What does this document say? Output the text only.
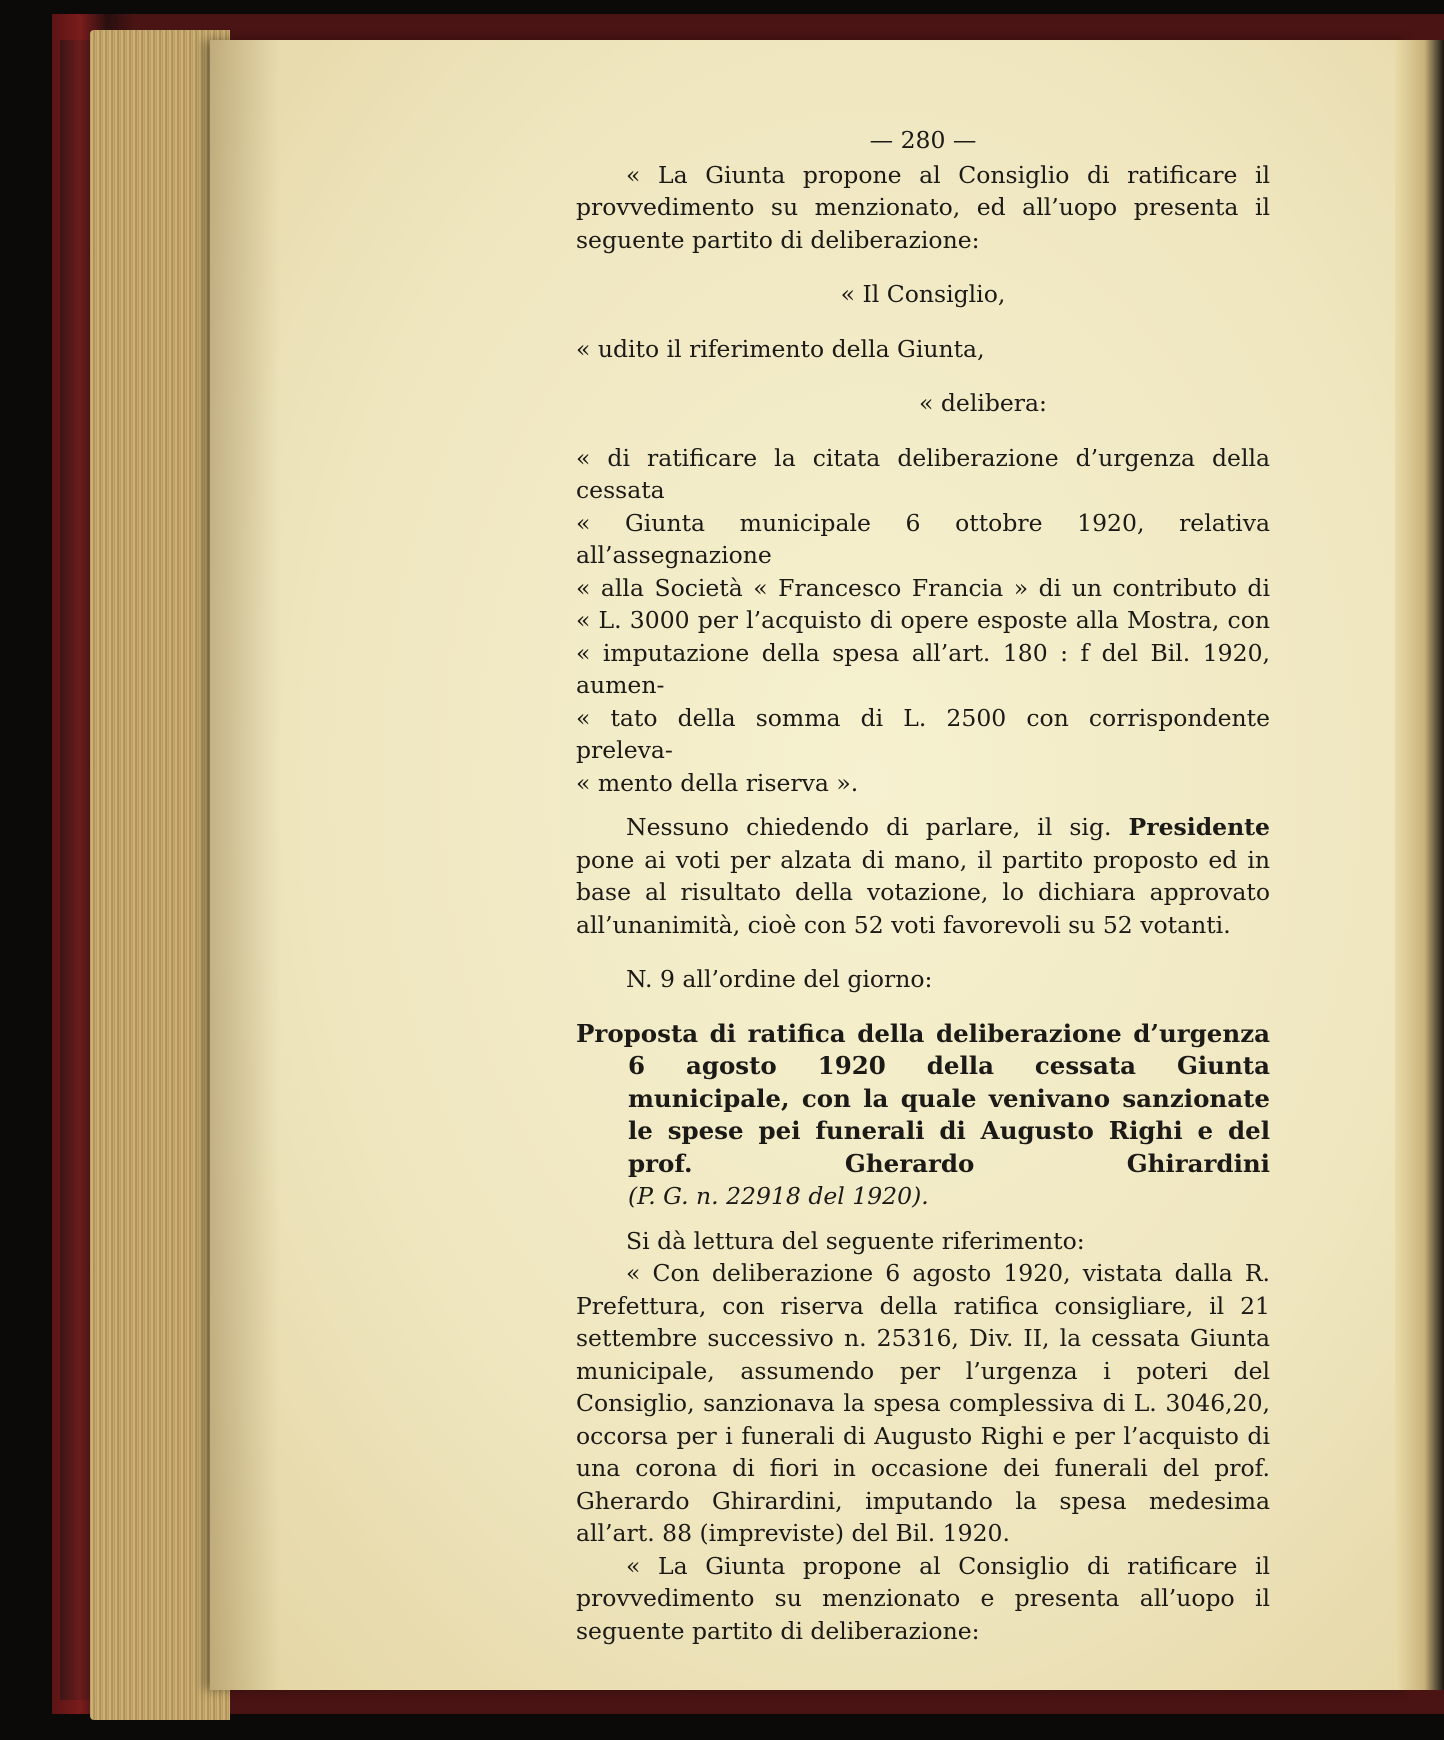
— 280 —

« La Giunta propone al Consiglio di ratificare il provvedimento su menzionato, ed all’uopo presenta il seguente partito di deliberazione:

« Il Consiglio,

« udito il riferimento della Giunta,

« delibera:

« di ratificare la citata deliberazione d’urgenza della cessata

« Giunta municipale 6 ottobre 1920, relativa all’assegnazione

« alla Società « Francesco Francia » di un contributo di

« L. 3000 per l’acquisto di opere esposte alla Mostra, con

« imputazione della spesa all’art. 180 : f del Bil. 1920, aumen-

« tato della somma di L. 2500 con corrispondente preleva-

« mento della riserva ».

Nessuno chiedendo di parlare, il sig. Presidente pone ai voti per alzata di mano, il partito proposto ed in base al risultato della votazione, lo dichiara approvato all’unanimità, cioè con 52 voti favorevoli su 52 votanti.

N. 9 all’ordine del giorno:

Proposta di ratifica della deliberazione d’urgenza 6 agosto 1920 della cessata Giunta municipale, con la quale venivano sanzionate le spese pei funerali di Augusto Righi e del prof. Gherardo Ghirardini

(P. G. n. 22918 del 1920).

Si dà lettura del seguente riferimento:

« Con deliberazione 6 agosto 1920, vistata dalla R. Prefettura, con riserva della ratifica consigliare, il 21 settembre successivo n. 25316, Div. II, la cessata Giunta municipale, assumendo per l’urgenza i poteri del Consiglio, sanzionava la spesa complessiva di L. 3046,20, occorsa per i funerali di Augusto Righi e per l’acquisto di una corona di fiori in occasione dei funerali del prof. Gherardo Ghirardini, imputando la spesa medesima all’art. 88 (impreviste) del Bil. 1920.

« La Giunta propone al Consiglio di ratificare il provvedimento su menzionato e presenta all’uopo il seguente partito di deliberazione:
